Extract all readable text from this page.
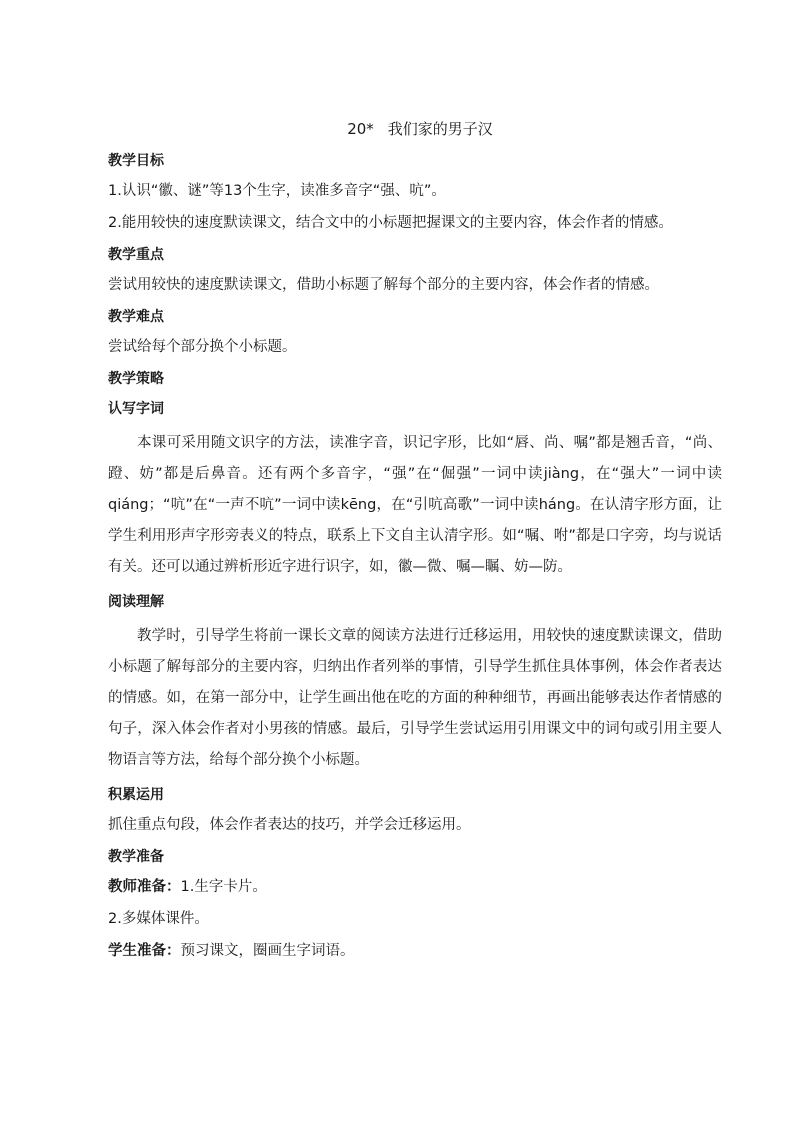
20* 我们家的男子汉
教学目标
1.认识“徽、谜”等13个生字，读准多音字“强、吭”。
2.能用较快的速度默读课文，结合文中的小标题把握课文的主要内容，体会作者的情感。
教学重点
尝试用较快的速度默读课文，借助小标题了解每个部分的主要内容，体会作者的情感。
教学难点
尝试给每个部分换个小标题。
教学策略
认写字词

本课可采用随文识字的方法，读准字音，识记字形，比如“唇、尚、嘱”都是翘舌音，“尚、蹬、妨”都是后鼻音。还有两个多音字，“强”在“倔强”一词中读jiàng，在“强大”一词中读qiáng；“吭”在“一声不吭”一词中读kēng，在“引吭高歌”一词中读háng。在认清字形方面，让学生利用形声字形旁表义的特点，联系上下文自主认清字形。如“嘱、咐”都是口字旁，均与说话有关。还可以通过辨析形近字进行识字，如，徽—微、嘱—瞩、妨—防。

阅读理解

教学时，引导学生将前一课长文章的阅读方法进行迁移运用，用较快的速度默读课文，借助小标题了解每部分的主要内容，归纳出作者列举的事情，引导学生抓住具体事例，体会作者表达的情感。如，在第一部分中，让学生画出他在吃的方面的种种细节，再画出能够表达作者情感的句子，深入体会作者对小男孩的情感。最后，引导学生尝试运用引用课文中的词句或引用主要人物语言等方法，给每个部分换个小标题。

积累运用
抓住重点句段，体会作者表达的技巧，并学会迁移运用。
教学准备
教师准备：1.生字卡片。
2.多媒体课件。
学生准备：预习课文，圈画生字词语。
